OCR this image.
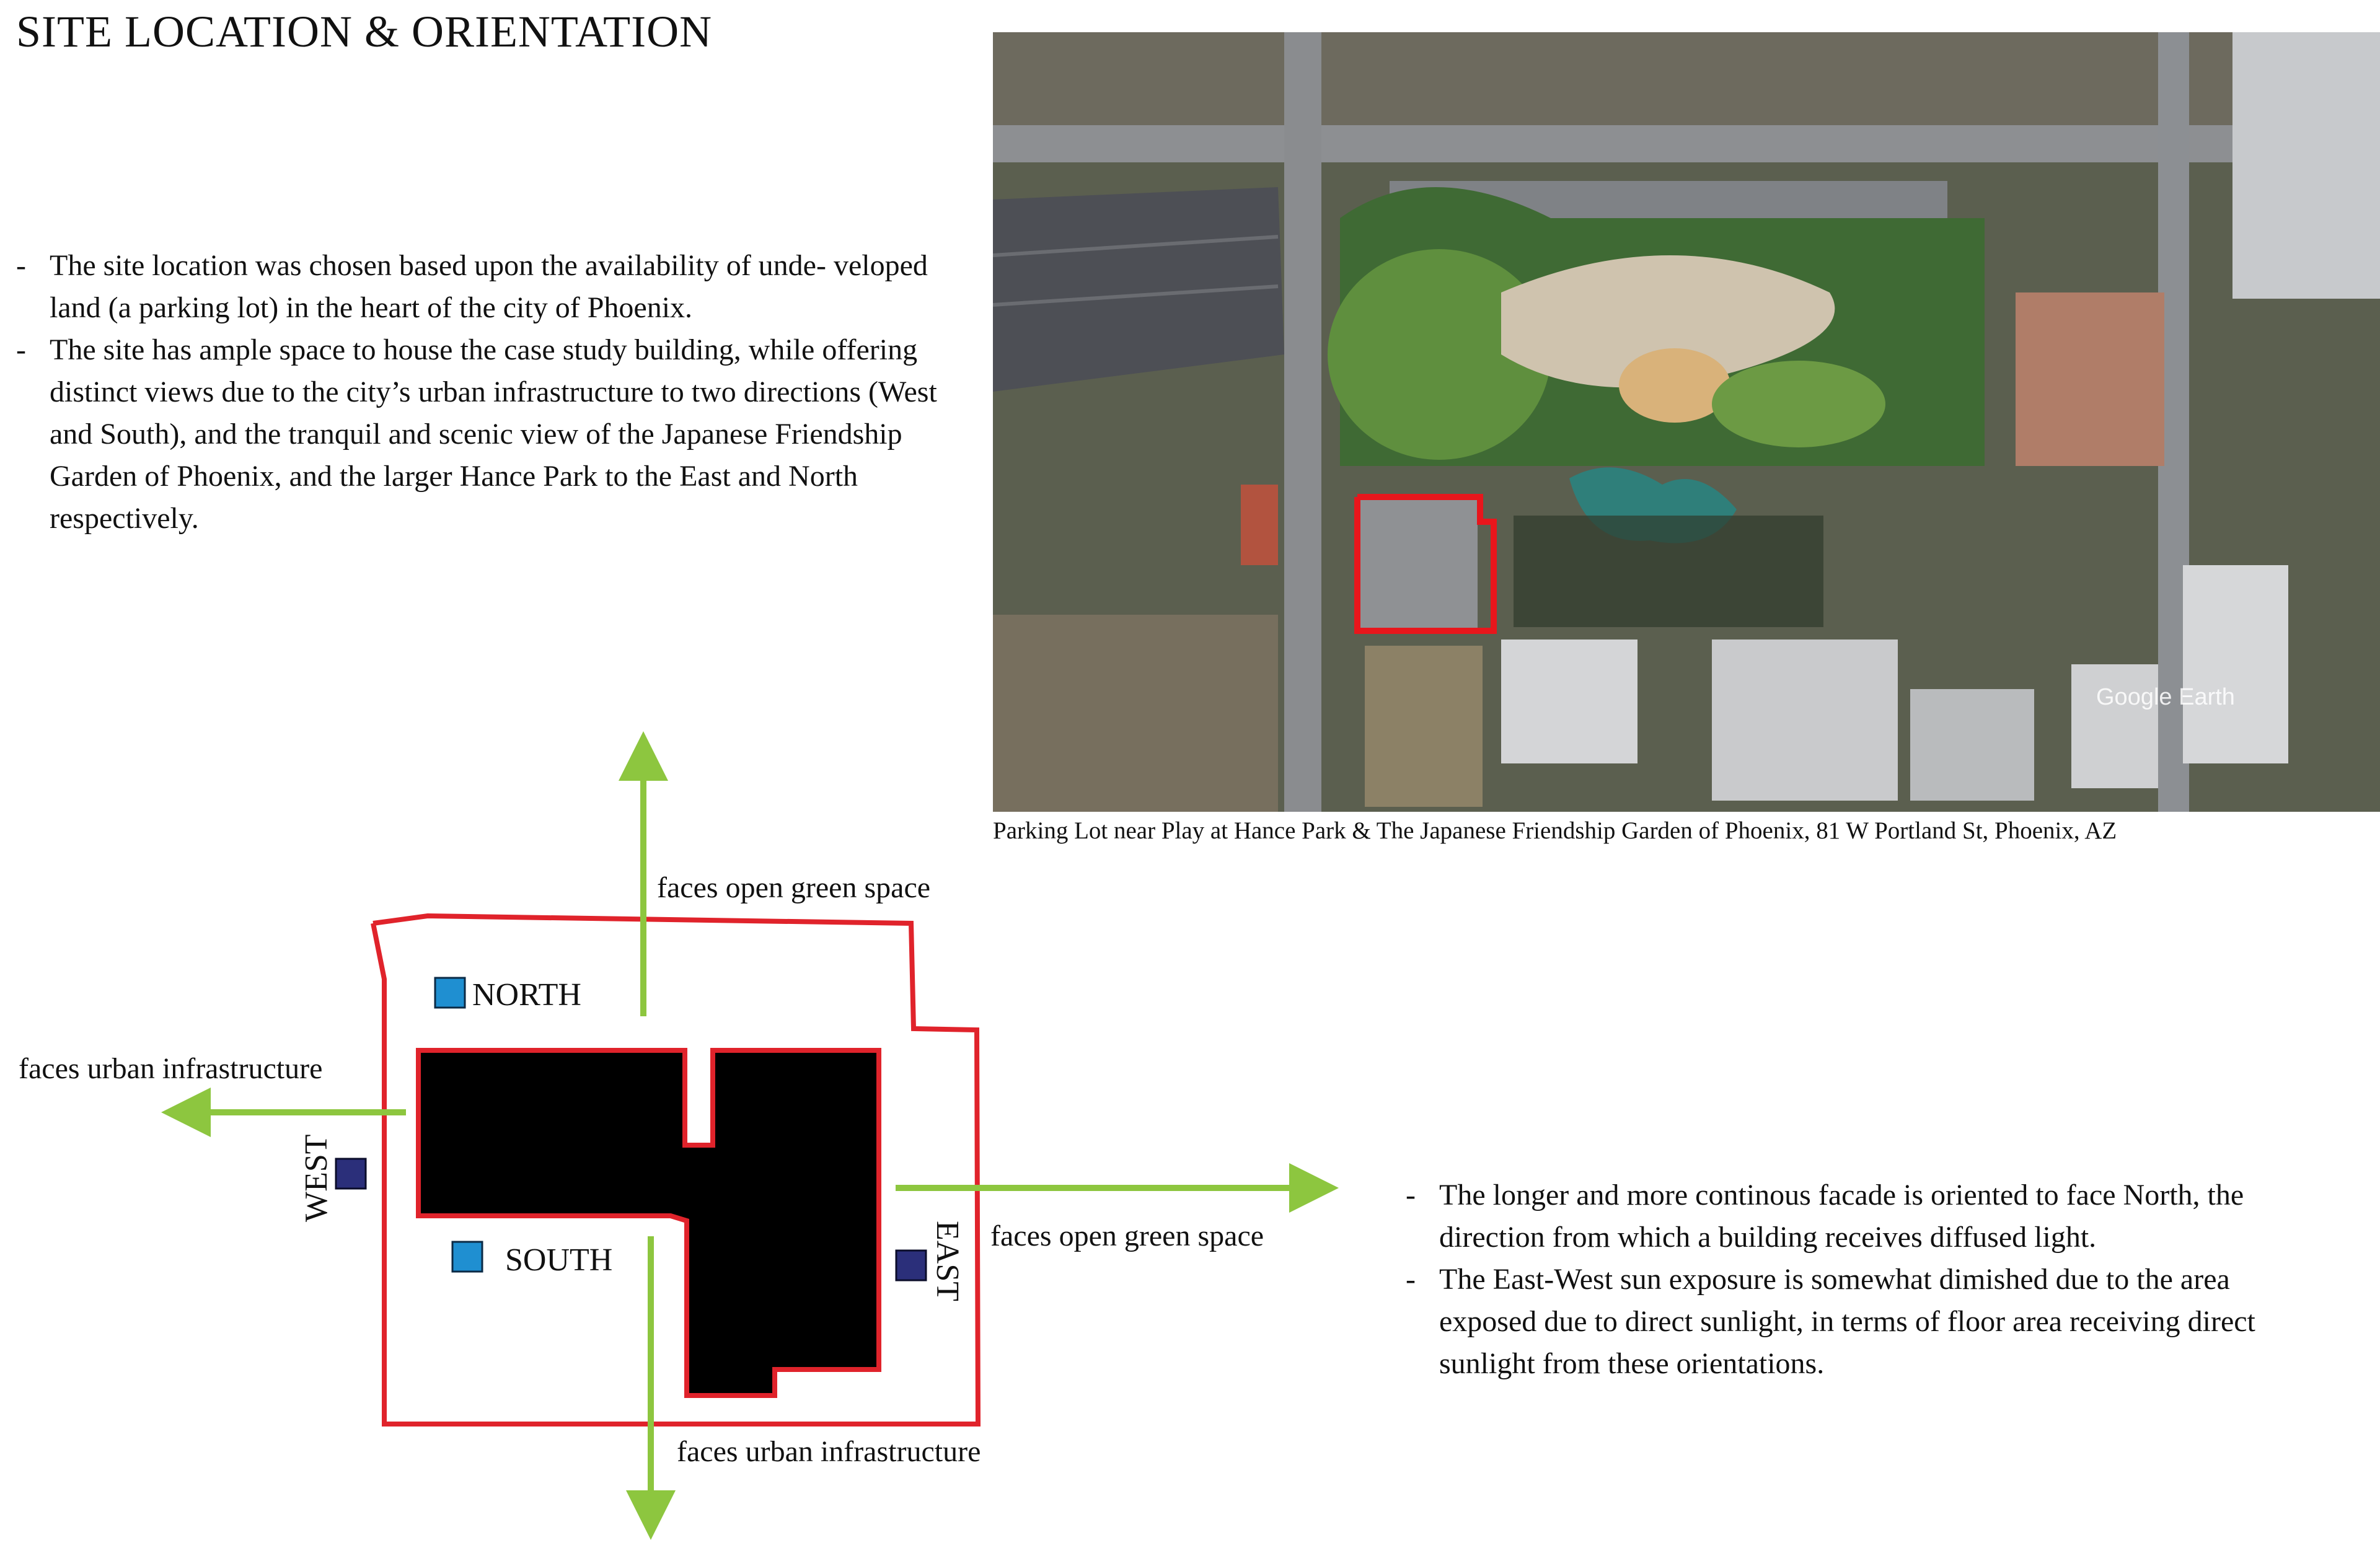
SITE LOCATION & ORIENTATION
- The site location was chosen based upon the availability of unde- veloped land (a parking lot) in the heart of the city of Phoenix.
- The site has ample space to house the case study building, while offering distinct views due to the city’s urban infrastructure to two directions (West and South), and the tranquil and scenic view of the Japanese Friendship Garden of Phoenix, and the larger Hance Park to the East and North respectively.
Google Earth
Parking Lot near Play at Hance Park & The Japanese Friendship Garden of Phoenix, 81 W Portland St, Phoenix, AZ
NORTH
SOUTH
WEST
EAST
faces open green space
faces urban infrastructure
faces open green space
faces urban infrastructure
- The longer and more continous facade is oriented to face North, the direction from which a building receives diffused light.
- The East-West sun exposure is somewhat dimished due to the area exposed due to direct sunlight, in terms of floor area receiving direct sunlight from these orientations.
